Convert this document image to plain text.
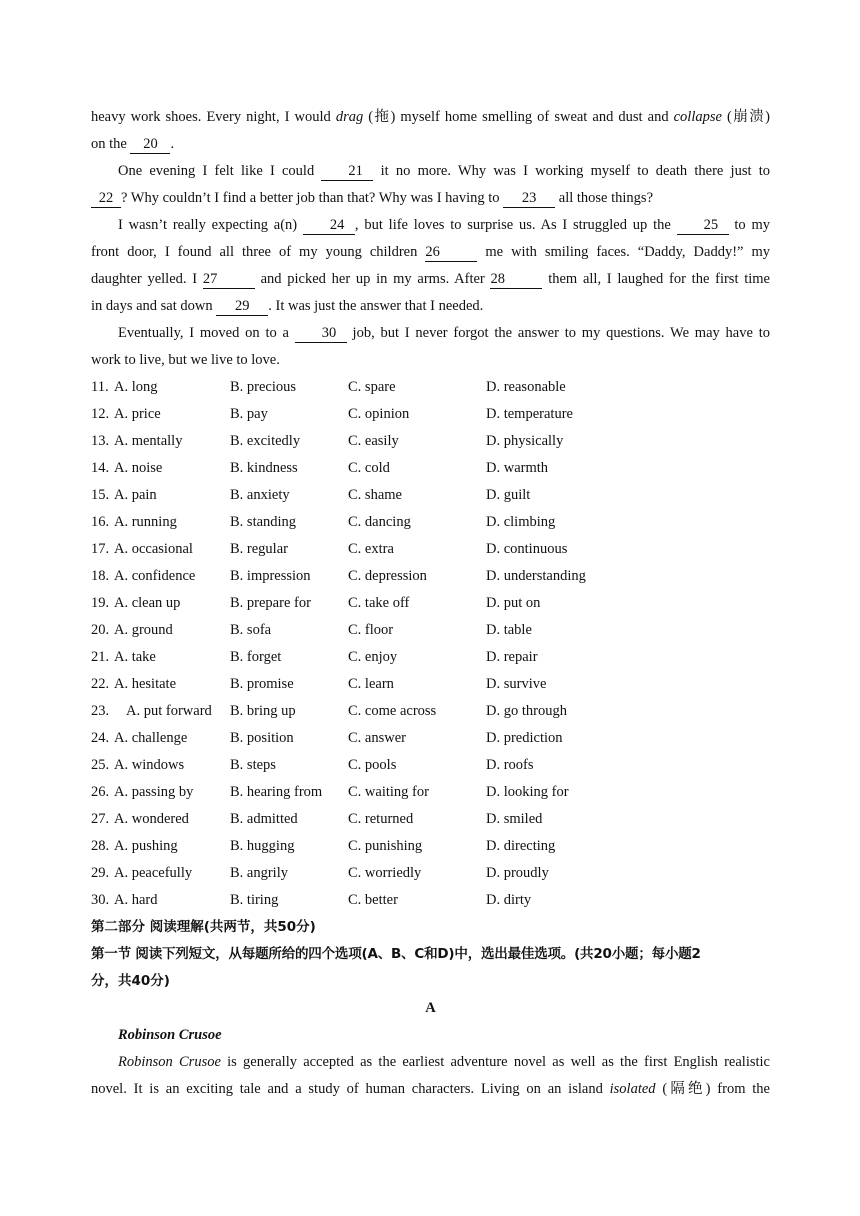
heavy work shoes. Every night, I would drag (拖) myself home smelling of sweat and dust and collapse (崩溃)
on the 20 .
One evening I felt like I could 21 it no more. Why was I working myself to death there just to
22 ? Why couldn’t I find a better job than that? Why was I having to 23 all those things?
I wasn’t really expecting a(n) 24 , but life loves to surprise us. As I struggled up the 25 to my
front door, I found all three of my young children 26	me with smiling faces. “Daddy, Daddy!” my
daughter yelled. I 27	and picked her up in my arms. After 28	them all, I laughed for the first time
in days and sat down 29 . It was just the answer that I needed.
Eventually, I moved on to a 30 job, but I never forgot the answer to my questions. We may have to
work to live, but we live to love.
11. A. long	B. precious	C. spare	D. reasonable
12. A. price	B. pay	C. opinion	D. temperature
13. A. mentally	B. excitedly	C. easily	D. physically
14. A. noise	B. kindness	C. cold	D. warmth
15. A. pain	B. anxiety	C. shame	D. guilt
16. A. running	B. standing	C. dancing	D. climbing
17. A. occasional	B. regular	C. extra	D. continuous
18. A. confidence B. impression	C. depression	D. understanding
19. A. clean up	B. prepare for	C. take off	D. put on
20. A. ground	B. sofa	C. floor	D. table
21. A. take	B. forget	C. enjoy	D. repair
22. A. hesitate	B. promise	C. learn	D. survive
23. A. put forward B. bring up	C. come across	D. go through
24. A. challenge	B. position	C. answer	D. prediction
25. A. windows	B. steps	C. pools	D. roofs
26. A. passing by	B. hearing from C. waiting for	D. looking for
27. A. wondered	B. admitted	C. returned	D. smiled
28. A. pushing	B. hugging	C. punishing	D. directing
29. A. peacefully	B. angrily	C. worriedly	D. proudly
30. A. hard	B. tiring	C. better	D. dirty
第二部分 阅读理解(共两节，共50分)
第一节 阅读下列短文，从每题所给的四个选项(A、B、C和D)中，选出最佳选项。(共20小题；每小题2
分，共40分)
A
Robinson Crusoe
Robinson Crusoe is generally accepted as the earliest adventure novel as well as the first English realistic
novel. It is an exciting tale and a study of human characters. Living on an island isolated (隔绝) from the
